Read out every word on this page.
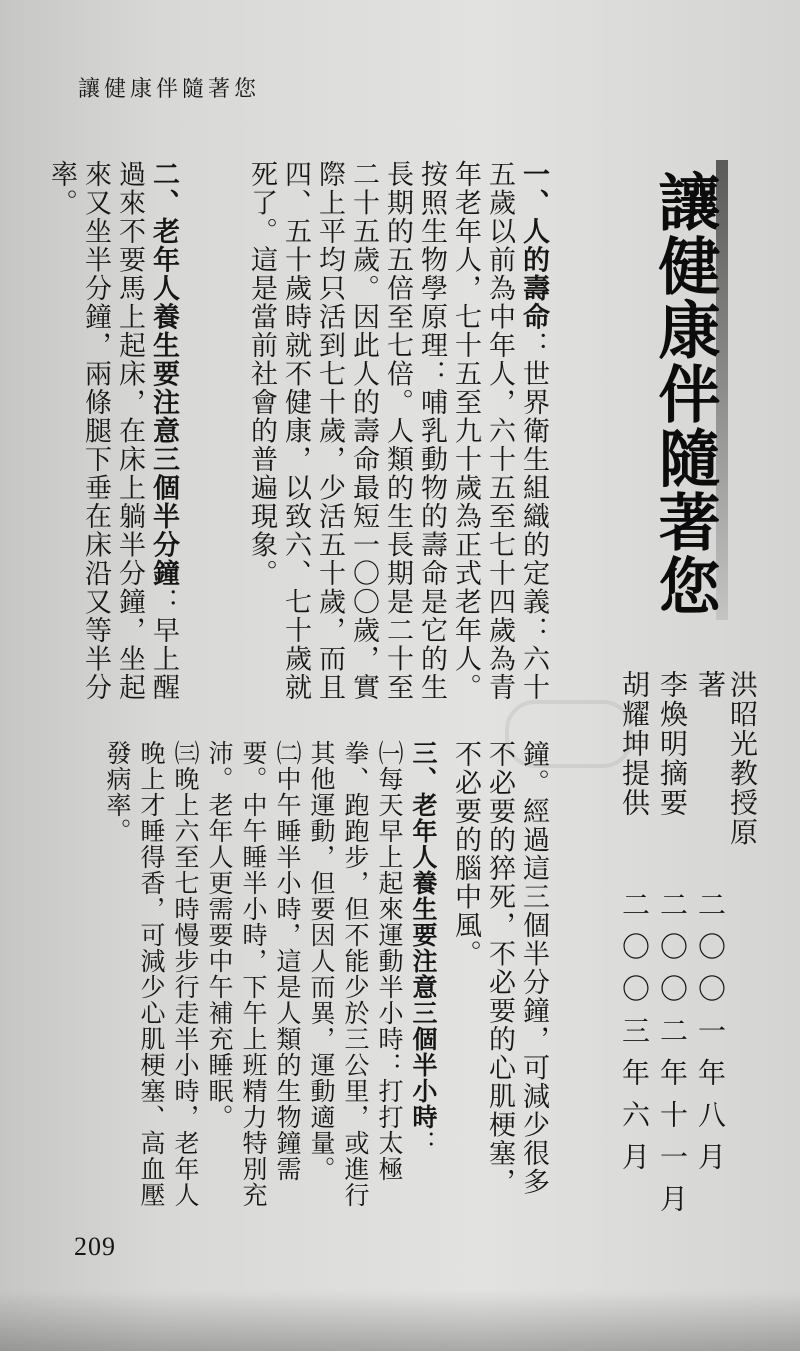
讓健康伴隨著您
讓健康伴隨著您
洪昭光教授原著
李煥明摘要
胡耀坤提供
二〇〇一年八月
二〇〇二年十一月
二〇〇三年六月
一、人的壽命：世界衛生組織的定義：六十五歲以前為中年人，六十五至七十四歲為青年老年人，七十五至九十歲為正式老年人。按照生物學原理：哺乳動物的壽命是它的生長期的五倍至七倍。人類的生長期是二十至二十五歲。因此人的壽命最短一〇〇歲，實際上平均只活到七十歲，少活五十歲，而且四、五十歲時就不健康，以致六、七十歲就死了。這是當前社會的普遍現象。
二、老年人養生要注意三個半分鐘：早上醒過來不要馬上起床，在床上躺半分鐘，坐起來又坐半分鐘，兩條腿下垂在床沿又等半分率。
鐘。經過這三個半分鐘，可減少很多不必要的猝死，不必要的心肌梗塞，不必要的腦中風。
三、老年人養生要注意三個半小時：
㈠每天早上起來運動半小時：打打太極拳、跑跑步，但不能少於三公里，或進行其他運動，但要因人而異，運動適量。
㈡中午睡半小時，這是人類的生物鐘需要。中午睡半小時，下午上班精力特別充沛。老年人更需要中午補充睡眠。
㈢晚上六至七時慢步行走半小時，老年人晚上才睡得香，可減少心肌梗塞、高血壓發病率。
209
